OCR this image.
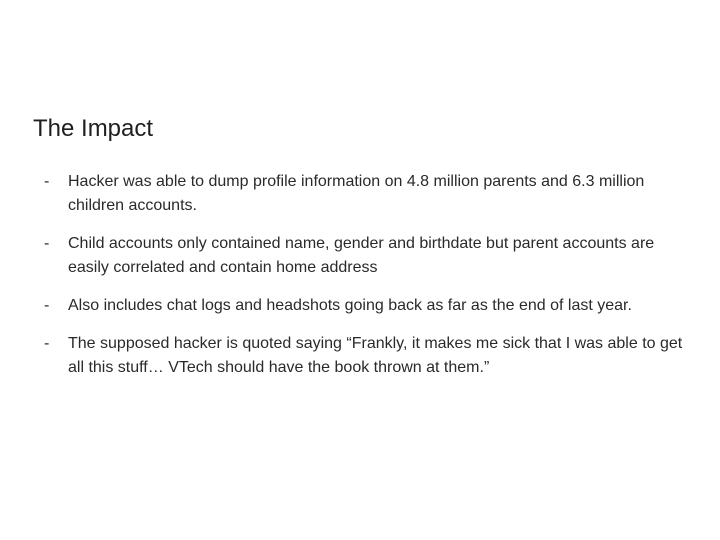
The Impact
-	Hacker was able to dump profile information on 4.8 million parents and 6.3 million children accounts.
-	Child accounts only contained name, gender and birthdate but parent accounts are easily correlated and contain home address
-	Also includes chat logs and headshots going back as far as the end of last year.
-	The supposed hacker is quoted saying “Frankly, it makes me sick that I was able to get all this stuff… VTech should have the book thrown at them.”
